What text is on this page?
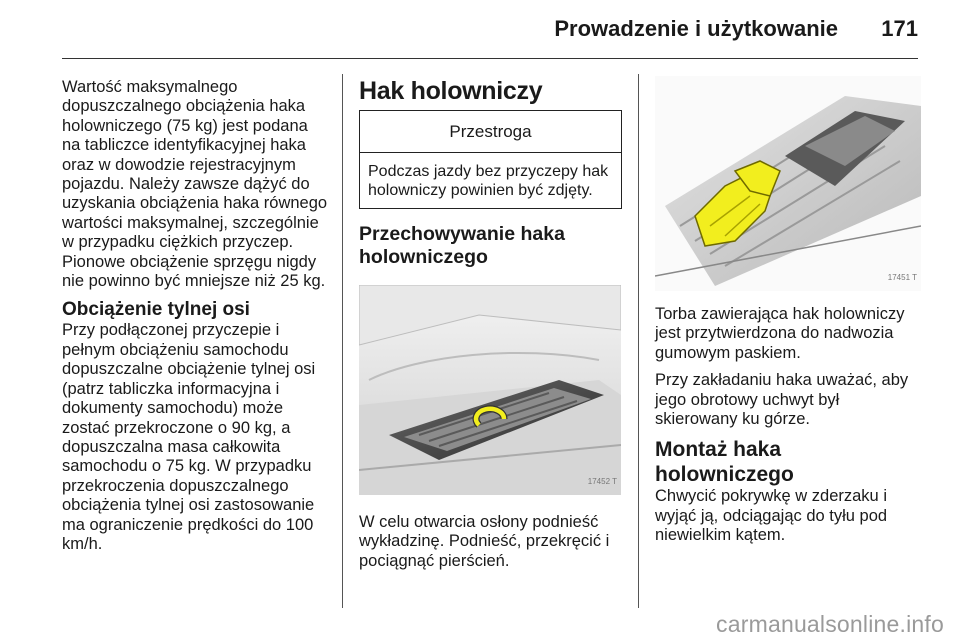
Prowadzenie i użytkowanie 171

Wartość maksymalnego dopuszczalnego obciążenia haka holowniczego (75 kg) jest podana na tabliczce identyfikacyjnej haka oraz w dowodzie rejestracyjnym pojazdu. Należy zawsze dążyć do uzyskania obciążenia haka równego wartości maksymalnej, szczególnie w przypadku ciężkich przyczep. Pionowe obciążenie sprzęgu nigdy nie powinno być mniejsze niż 25 kg.

Obciążenie tylnej osi

Przy podłączonej przyczepie i pełnym obciążeniu samochodu dopuszczalne obciążenie tylnej osi (patrz tabliczka informacyjna i dokumenty samochodu) może zostać przekroczone o 90 kg, a dopuszczalna masa całkowita samochodu o 75 kg. W przypadku przekroczenia dopuszczalnego obciążenia tylnej osi zastosowanie ma ograniczenie prędkości do 100 km/h.

Hak holowniczy
Przestroga
Podczas jazdy bez przyczepy hak holowniczy powinien być zdjęty.
Przechowywanie haka holowniczego
17452 T

W celu otwarcia osłony podnieść wykładzinę. Podnieść, przekręcić i pociągnąć pierścień.

17451 T

Torba zawierająca hak holowniczy jest przytwierdzona do nadwozia gumowym paskiem.

Przy zakładaniu haka uważać, aby jego obrotowy uchwyt był skierowany ku górze.

Montaż haka holowniczego

Chwycić pokrywkę w zderzaku i wyjąć ją, odciągając do tyłu pod niewielkim kątem.

carmanualsonline.info
